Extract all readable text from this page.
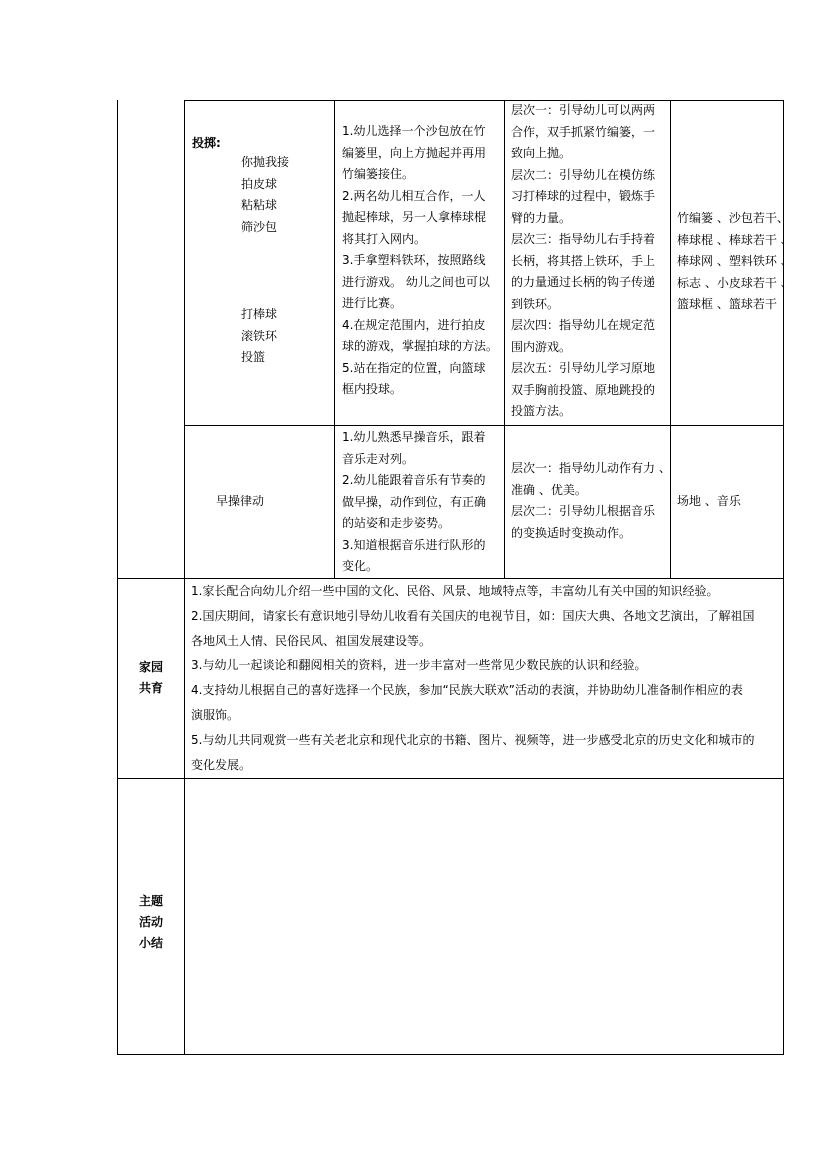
投掷:
你抛我接
拍皮球
粘粘球
筛沙包
打棒球
滚铁环
投篮
1.幼儿选择一个沙包放在竹
编篓里，向上方抛起并再用
竹编篓接住。
2.两名幼儿相互合作，一人
抛起棒球，另一人拿棒球棍
将其打入网内。
3.手拿塑料铁环，按照路线
进行游戏。 幼儿之间也可以
进行比赛。
4.在规定范围内，进行拍皮
球的游戏，掌握拍球的方法。
5.站在指定的位置，向篮球
框内投球。
层次一：引导幼儿可以两两
合作，双手抓紧竹编篓，一
致向上抛。
层次二：引导幼儿在模仿练
习打棒球的过程中，锻炼手
臂的力量。
层次三：指导幼儿右手持着
长柄，将其搭上铁环，手上
的力量通过长柄的钩子传递
到铁环。
层次四：指导幼儿在规定范
围内游戏。
层次五：引导幼儿学习原地
双手胸前投篮、原地跳投的
投篮方法。
竹编篓 、沙包若干、
棒球棍 、棒球若干 、
棒球网 、塑料铁环 、
标志 、小皮球若干 、
篮球框 、篮球若干
早操律动
1.幼儿熟悉早操音乐，跟着
音乐走对列。
2.幼儿能跟着音乐有节奏的
做早操，动作到位，有正确
的站姿和走步姿势。
3.知道根据音乐进行队形的
变化。
层次一：指导幼儿动作有力 、
准确 、优美。
层次二：引导幼儿根据音乐
的变换适时变换动作。
场地 、音乐
家园
共育
1.家长配合向幼儿介绍一些中国的文化、民俗、风景、地域特点等，丰富幼儿有关中国的知识经验。
2.国庆期间，请家长有意识地引导幼儿收看有关国庆的电视节目，如：国庆大典、各地文艺演出，了解祖国
各地风土人情、民俗民风、祖国发展建设等。
3.与幼儿一起谈论和翻阅相关的资料，进一步丰富对一些常见少数民族的认识和经验。
4.支持幼儿根据自己的喜好选择一个民族，参加“民族大联欢”活动的表演，并协助幼儿准备制作相应的表
演服饰。
5.与幼儿共同观赏一些有关老北京和现代北京的书籍、图片、视频等，进一步感受北京的历史文化和城市的
变化发展。
主题
活动
小结
